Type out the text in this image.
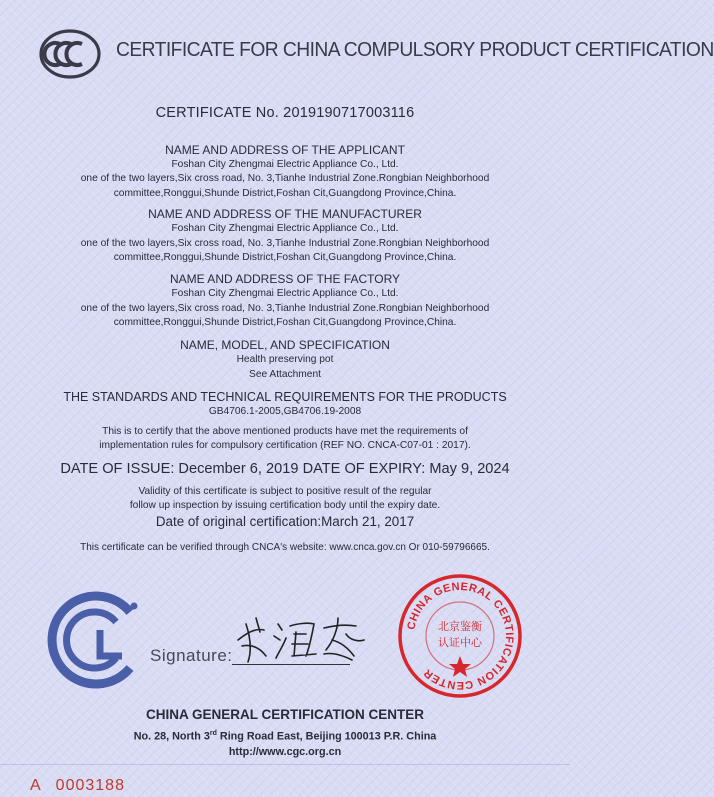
CERTIFICATE FOR CHINA COMPULSORY PRODUCT CERTIFICATION
CERTIFICATE No. 2019190717003116
NAME AND ADDRESS OF THE APPLICANT
Foshan City Zhengmai Electric Appliance Co., Ltd.
one of the two layers,Six cross road, No. 3,Tianhe Industrial Zone.Rongbian Neighborhood
committee,Ronggui,Shunde District,Foshan Cit,Guangdong Province,China.
NAME AND ADDRESS OF THE MANUFACTURER
Foshan City Zhengmai Electric Appliance Co., Ltd.
one of the two layers,Six cross road, No. 3,Tianhe Industrial Zone.Rongbian Neighborhood
committee,Ronggui,Shunde District,Foshan Cit,Guangdong Province,China.
NAME AND ADDRESS OF THE FACTORY
Foshan City Zhengmai Electric Appliance Co., Ltd.
one of the two layers,Six cross road, No. 3,Tianhe Industrial Zone.Rongbian Neighborhood
committee,Ronggui,Shunde District,Foshan Cit,Guangdong Province,China.
NAME, MODEL, AND SPECIFICATION
Health preserving pot
See Attachment
THE STANDARDS AND TECHNICAL REQUIREMENTS FOR THE PRODUCTS
GB4706.1-2005,GB4706.19-2008
This is to certify that the above mentioned products have met the requirements of
implementation rules for compulsory certification (REF NO. CNCA-C07-01 : 2017).
DATE OF ISSUE: December 6, 2019 DATE OF EXPIRY: May 9, 2024
Validity of this certificate is subject to positive result of the regular
follow up inspection by issuing certification body until the expiry date.
Date of original certification:March 21, 2017
This certificate can be verified through CNCA's website: www.cnca.gov.cn Or 010-59796665.
Signature:
CHINA GENERAL CERTIFICATION CENTER
北京鉴衡
认证中心
CHINA GENERAL CERTIFICATION CENTER
No. 28, North 3rd Ring Road East, Beijing 100013 P.R. China
http://www.cgc.org.cn
A 0003188
